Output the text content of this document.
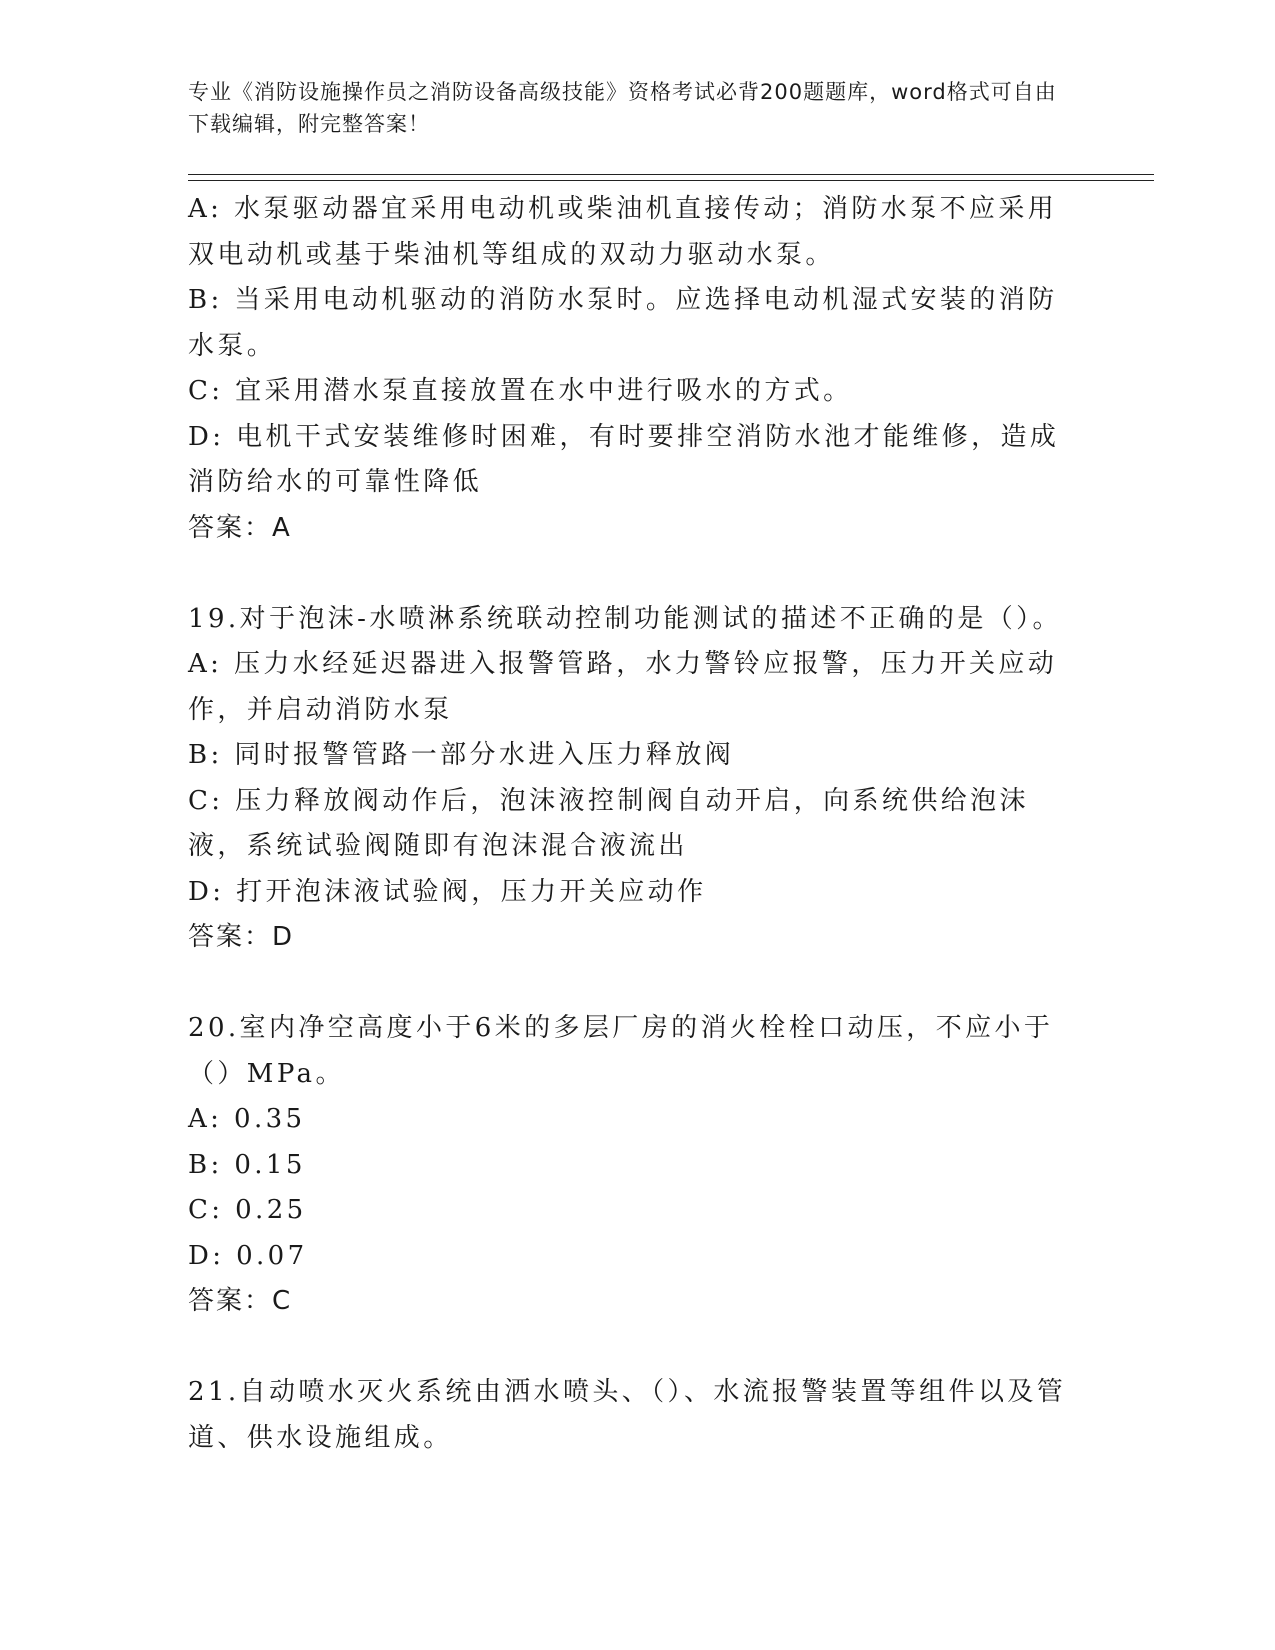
专业《消防设施操作员之消防设备高级技能》资格考试必背200题题库，word格式可自由下载编辑，附完整答案！

A: 水泵驱动器宜采用电动机或柴油机直接传动；消防水泵不应采用双电动机或基于柴油机等组成的双动力驱动水泵。

B: 当采用电动机驱动的消防水泵时。应选择电动机湿式安装的消防水泵。

C: 宜采用潜水泵直接放置在水中进行吸水的方式。

D: 电机干式安装维修时困难，有时要排空消防水池才能维修，造成消防给水的可靠性降低

答案：A

19.对于泡沫-水喷淋系统联动控制功能测试的描述不正确的是（）。

A: 压力水经延迟器进入报警管路，水力警铃应报警，压力开关应动作，并启动消防水泵

B: 同时报警管路一部分水进入压力释放阀

C: 压力释放阀动作后，泡沫液控制阀自动开启，向系统供给泡沫液，系统试验阀随即有泡沫混合液流出

D: 打开泡沫液试验阀，压力开关应动作

答案：D

20.室内净空高度小于6米的多层厂房的消火栓栓口动压，不应小于（）MPa。

A: 0.35

B: 0.15

C: 0.25

D: 0.07

答案：C

21.自动喷水灭火系统由洒水喷头、（）、水流报警装置等组件以及管道、供水设施组成。
